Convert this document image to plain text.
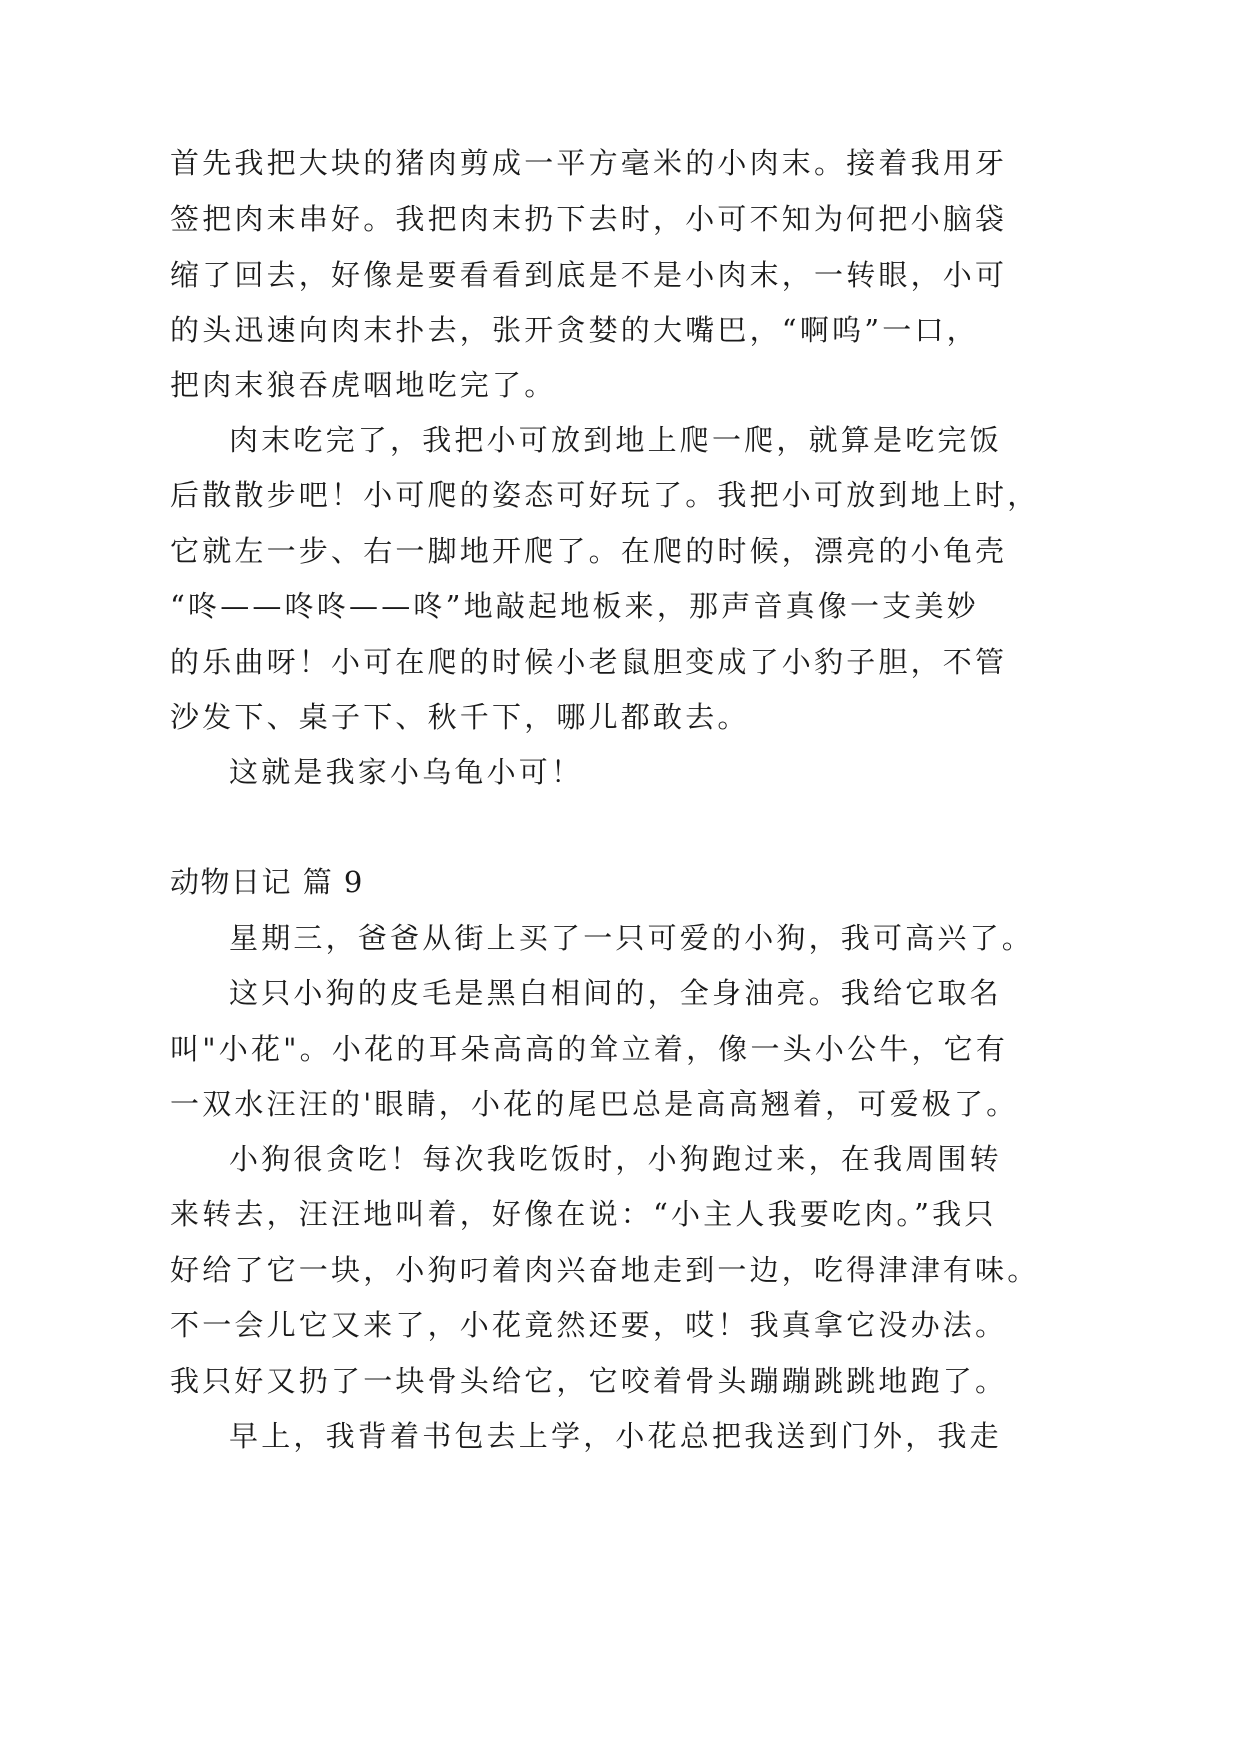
首先我把大块的猪肉剪成一平方毫米的小肉末。接着我用牙
签把肉末串好。我把肉末扔下去时，小可不知为何把小脑袋
缩了回去，好像是要看看到底是不是小肉末，一转眼，小可
的头迅速向肉末扑去，张开贪婪的大嘴巴，“啊呜”一口，
把肉末狼吞虎咽地吃完了。
肉末吃完了，我把小可放到地上爬一爬，就算是吃完饭
后散散步吧！小可爬的姿态可好玩了。我把小可放到地上时，
它就左一步、右一脚地开爬了。在爬的时候，漂亮的小龟壳
“咚——咚咚——咚”地敲起地板来，那声音真像一支美妙
的乐曲呀！小可在爬的时候小老鼠胆变成了小豹子胆，不管
沙发下、桌子下、秋千下，哪儿都敢去。
这就是我家小乌龟小可！
动物日记 篇 9
星期三，爸爸从街上买了一只可爱的小狗，我可高兴了。
这只小狗的皮毛是黑白相间的，全身油亮。我给它取名
叫"小花"。小花的耳朵高高的耸立着，像一头小公牛，它有
一双水汪汪的'眼睛，小花的尾巴总是高高翘着，可爱极了。
小狗很贪吃！每次我吃饭时，小狗跑过来，在我周围转
来转去，汪汪地叫着，好像在说：“小主人我要吃肉。”我只
好给了它一块，小狗叼着肉兴奋地走到一边，吃得津津有味。
不一会儿它又来了，小花竟然还要，哎！我真拿它没办法。
我只好又扔了一块骨头给它，它咬着骨头蹦蹦跳跳地跑了。
早上，我背着书包去上学，小花总把我送到门外，我走
